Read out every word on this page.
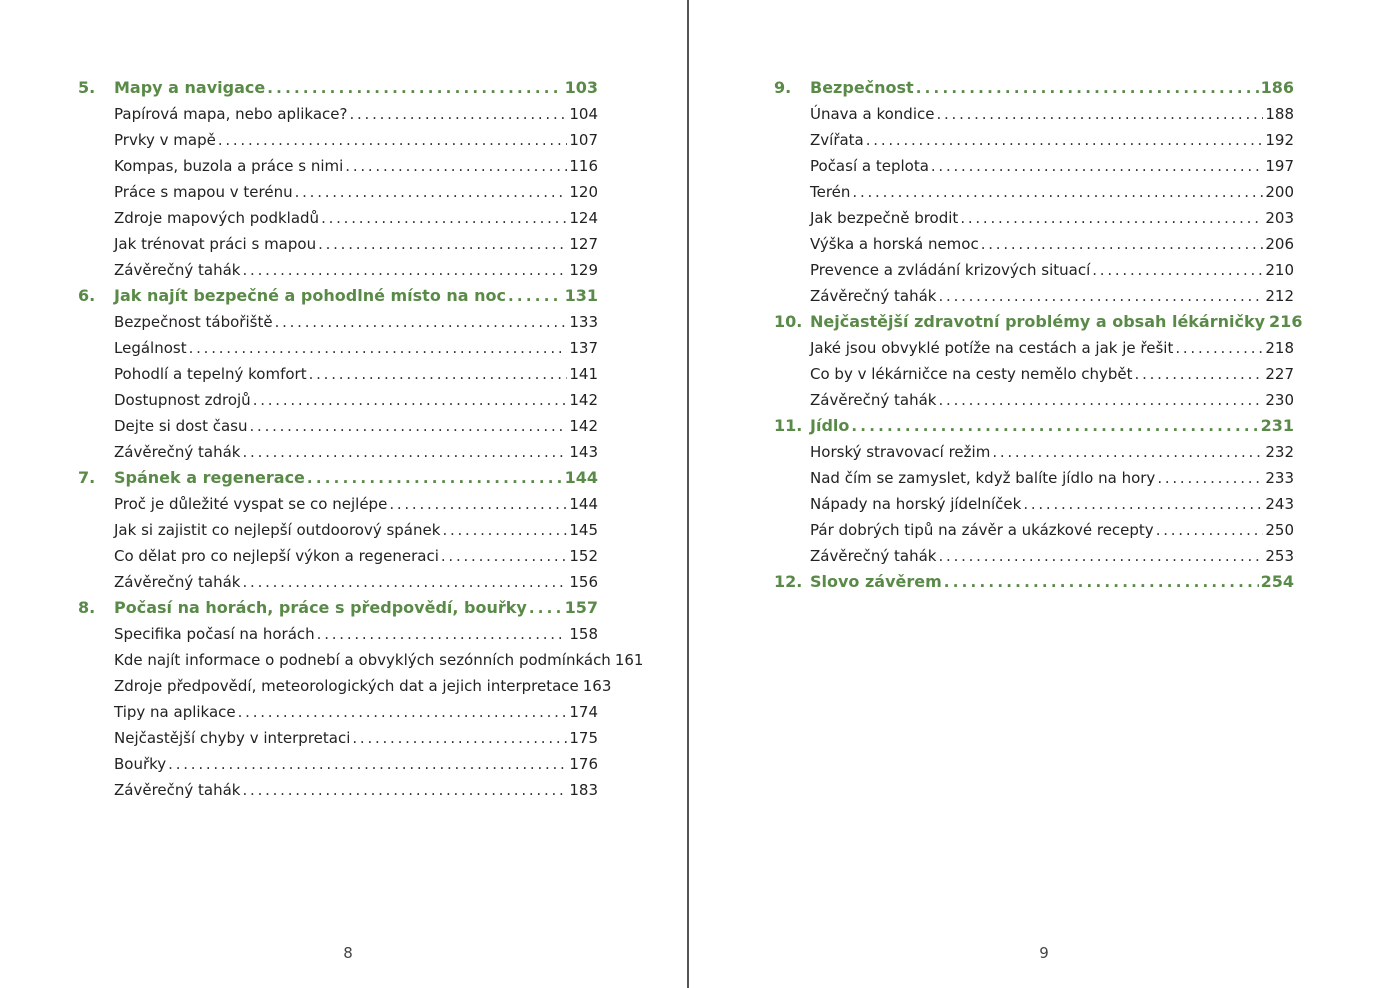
5.	Mapy a navigace . . .	103
Papírová mapa, nebo aplikace? . . .	104
Prvky v mapě . . .	107
Kompas, buzola a práce s nimi . . .	116
Práce s mapou v terénu . . .	120
Zdroje mapových podkladů . . .	124
Jak trénovat práci s mapou . . .	127
Závěrečný tahák . . .	129
6.	Jak najít bezpečné a pohodlné místo na noc . . .	131
Bezpečnost tábořiště . . .	133
Legálnost . . .	137
Pohodlí a tepelný komfort . . .	141
Dostupnost zdrojů . . .	142
Dejte si dost času . . .	142
Závěrečný tahák . . .	143
7.	Spánek a regenerace . . .	144
Proč je důležité vyspat se co nejlépe . . .	144
Jak si zajistit co nejlepší outdoorový spánek . . .	145
Co dělat pro co nejlepší výkon a regeneraci . . .	152
Závěrečný tahák . . .	156
8.	Počasí na horách, práce s předpovědí, bouřky . . . 157
Specifika počasí na horách . . .	158
Kde najít informace o podnebí a obvyklých sezónních podmínkách 161
Zdroje předpovědí, meteorologických dat a jejich interpretace 163
Tipy na aplikace . . .	174
Nejčastější chyby v interpretaci . . .	175
Bouřky . . .	176
Závěrečný tahák . . .	183
9.	Bezpečnost . . .	186
Únava a kondice . . .	188
Zvířata . . .	192
Počasí a teplota . . .	197
Terén . . .	200
Jak bezpečně brodit . . .	203
Výška a horská nemoc . . .	206
Prevence a zvládání krizových situací . . .	210
Závěrečný tahák . . .	212
10. Nejčastější zdravotní problémy a obsah lékárničky 216
Jaké jsou obvyklé potíže na cestách a jak je řešit . . .	218
Co by v lékárničce na cesty nemělo chybět . . .	227
Závěrečný tahák . . .	230
11. Jídlo . . .	231
Horský stravovací režim . . .	232
Nad čím se zamyslet, když balíte jídlo na hory . . .	233
Nápady na horský jídelníček . . .	243
Pár dobrých tipů na závěr a ukázkové recepty . . .	250
Závěrečný tahák . . .	253
12. Slovo závěrem . . .	254
8	9
